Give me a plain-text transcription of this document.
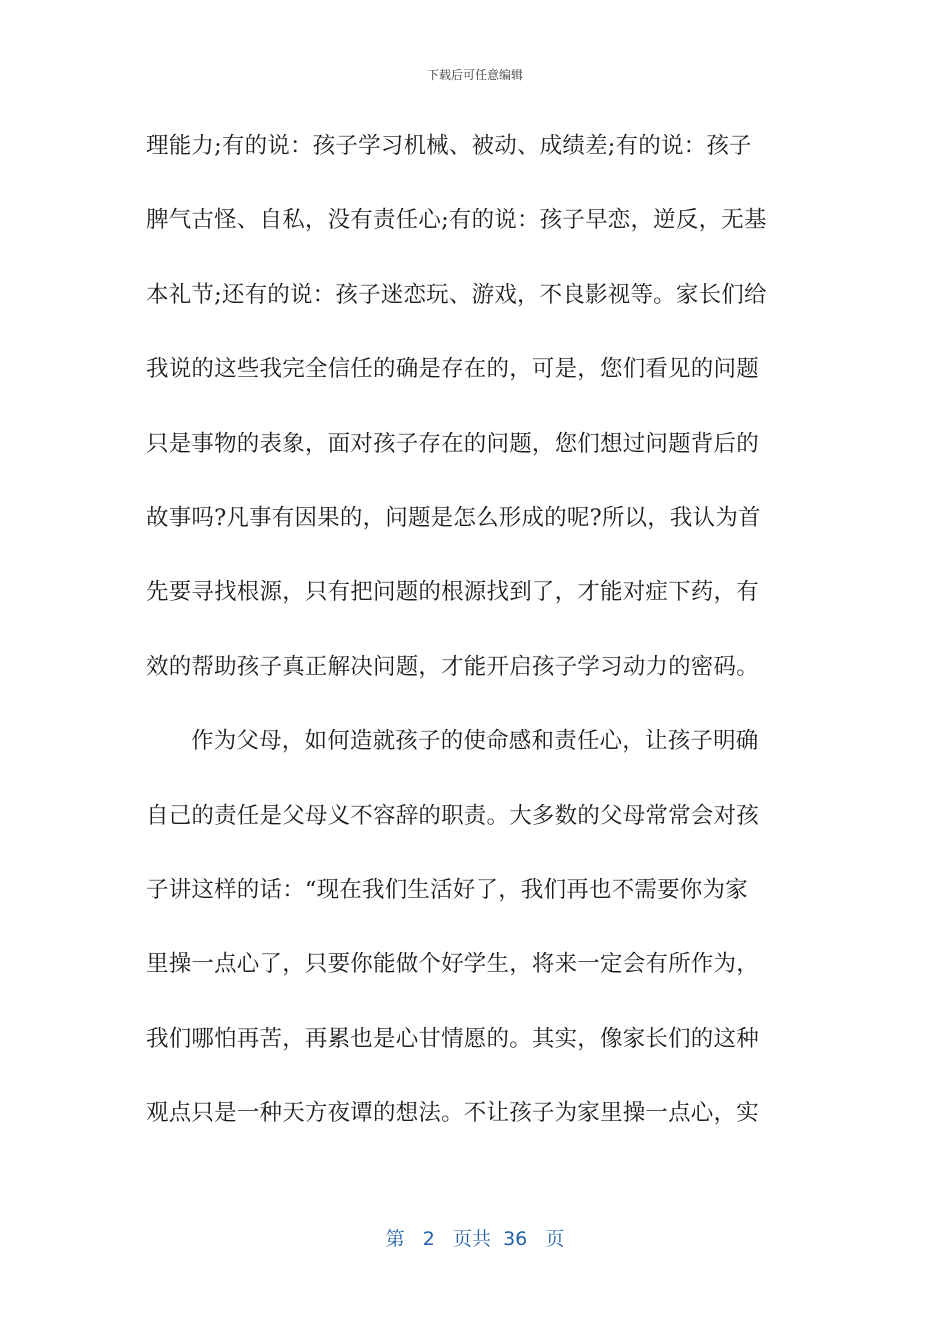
下载后可任意编辑
理能力;有的说：孩子学习机械、被动、成绩差;有的说：孩子
脾气古怪、自私，没有责任心;有的说：孩子早恋，逆反，无基
本礼节;还有的说：孩子迷恋玩、游戏，不良影视等。家长们给
我说的这些我完全信任的确是存在的，可是，您们看见的问题
只是事物的表象，面对孩子存在的问题，您们想过问题背后的
故事吗?凡事有因果的，问题是怎么形成的呢?所以，我认为首
先要寻找根源，只有把问题的根源找到了，才能对症下药，有
效的帮助孩子真正解决问题，才能开启孩子学习动力的密码。
作为父母，如何造就孩子的使命感和责任心，让孩子明确
自己的责任是父母义不容辞的职责。大多数的父母常常会对孩
子讲这样的话：“现在我们生活好了，我们再也不需要你为家
里操一点心了，只要你能做个好学生，将来一定会有所作为，
我们哪怕再苦，再累也是心甘情愿的。其实，像家长们的这种
观点只是一种天方夜谭的想法。不让孩子为家里操一点心，实
第 2 页共 36 页
